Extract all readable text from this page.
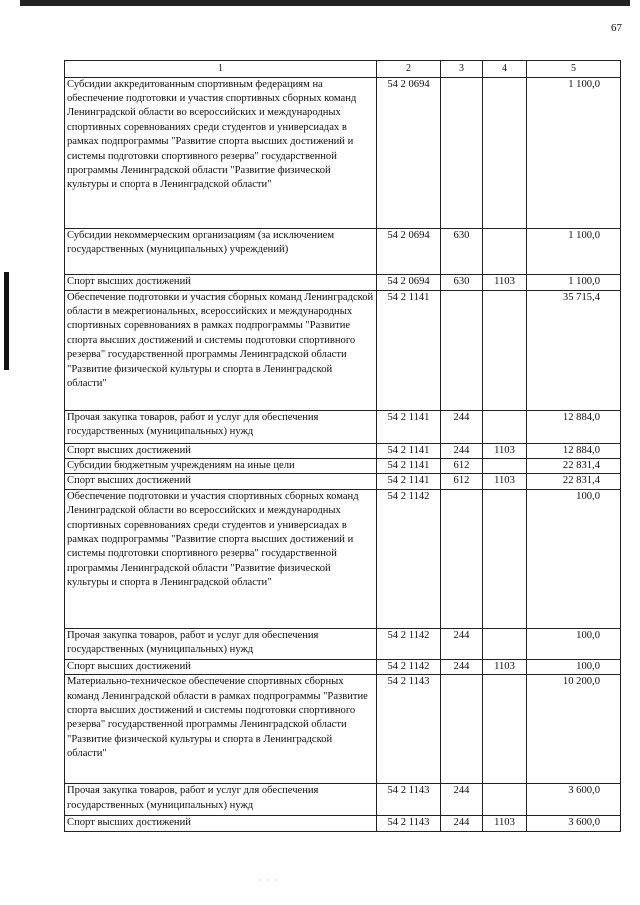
67
1	2	3	4	5
Субсидии аккредитованным спортивным федерациям на обеспечение подготовки и участия спортивных сборных команд Ленинградской области во всероссийских и международных спортивных соревнованиях среди студентов и универсиадах в рамках подпрограммы "Развитие спорта высших достижений и системы подготовки спортивного резерва" государственной программы Ленинградской области "Развитие физической культуры и спорта в Ленинградской области"	54 2 0694			1 100,0
Субсидии некоммерческим организациям (за исключением государственных (муниципальных) учреждений)	54 2 0694	630		1 100,0
Спорт высших достижений	54 2 0694	630	1103	1 100,0
Обеспечение подготовки и участия сборных команд Ленинградской области в межрегиональных, всероссийских и международных спортивных соревнованиях в рамках подпрограммы "Развитие спорта высших достижений и системы подготовки спортивного резерва" государственной программы Ленинградской области "Развитие физической культуры и спорта в Ленинградской области"	54 2 1141			35 715,4
Прочая закупка товаров, работ и услуг для обеспечения государственных (муниципальных) нужд	54 2 1141	244		12 884,0
Спорт высших достижений	54 2 1141	244	1103	12 884,0
Субсидии бюджетным учреждениям на иные цели	54 2 1141	612		22 831,4
Спорт высших достижений	54 2 1141	612	1103	22 831,4
Обеспечение подготовки и участия спортивных сборных команд Ленинградской области во всероссийских и международных спортивных соревнованиях среди студентов и универсиадах в рамках подпрограммы "Развитие спорта высших достижений и системы подготовки спортивного резерва" государственной программы Ленинградской области "Развитие физической культуры и спорта в Ленинградской области"	54 2 1142			100,0
Прочая закупка товаров, работ и услуг для обеспечения государственных (муниципальных) нужд	54 2 1142	244		100,0
Спорт высших достижений	54 2 1142	244	1103	100,0
Материально-техническое обеспечение спортивных сборных команд Ленинградской области в рамках подпрограммы "Развитие спорта высших достижений и системы подготовки спортивного резерва" государственной программы Ленинградской области "Развитие физической культуры и спорта в Ленинградской области"	54 2 1143			10 200,0
Прочая закупка товаров, работ и услуг для обеспечения государственных (муниципальных) нужд	54 2 1143	244		3 600,0
Спорт высших достижений	54 2 1143	244	1103	3 600,0
· · ·
